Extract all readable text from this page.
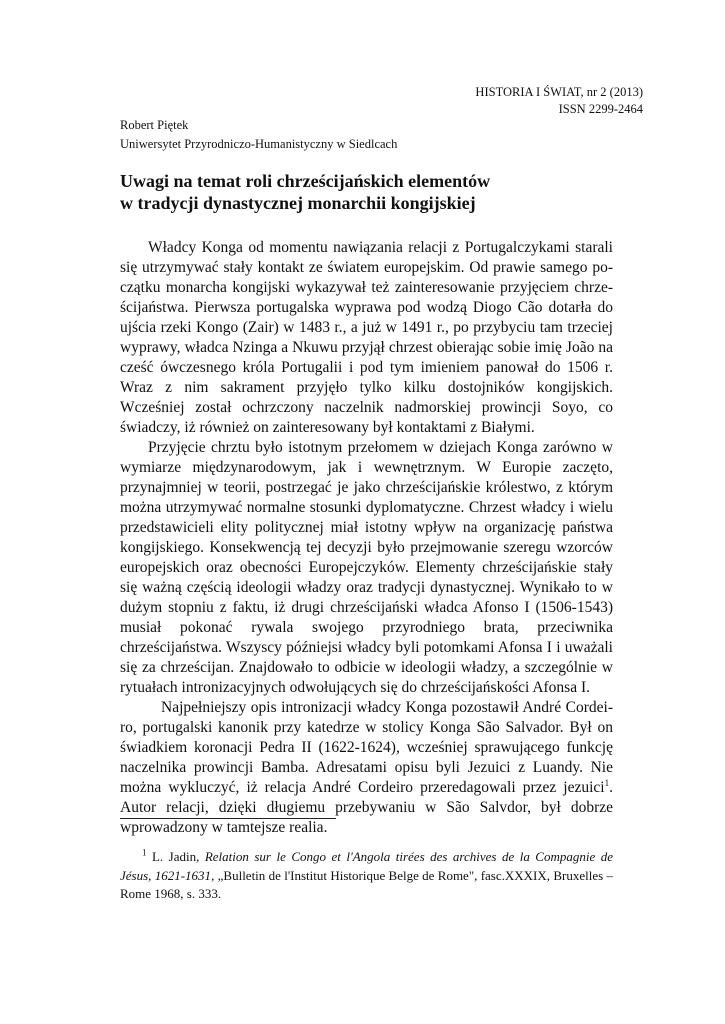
HISTORIA I ŚWIAT, nr 2 (2013)
ISSN 2299-2464
Robert Piętek
Uniwersytet Przyrodniczo-Humanistyczny w Siedlcach
Uwagi na temat roli chrześcijańskich elementów
w tradycji dynastycznej monarchii kongijskiej

Władcy Konga od momentu nawiązania relacji z Portugalczykami starali się utrzymywać stały kontakt ze światem europejskim. Od prawie samego początku monarcha kongijski wykazywał też zainteresowanie przyjęciem chrześcijaństwa. Pierwsza portugalska wyprawa pod wodzą Diogo Cão dotarła do ujścia rzeki Kongo (Zair) w 1483 r., a już w 1491 r., po przybyciu tam trzeciej wyprawy, władca Nzinga a Nkuwu przyjął chrzest obierając sobie imię João na cześć ówczesnego króla Portugalii i pod tym imieniem panował do 1506 r. Wraz z nim sakrament przyjęło tylko kilku dostojników kongijskich. Wcześniej został ochrzczony naczelnik nadmorskiej prowincji Soyo, co świadczy, iż również on zainteresowany był kontaktami z Białymi.

Przyjęcie chrztu było istotnym przełomem w dziejach Konga zarówno w wymiarze międzynarodowym, jak i wewnętrznym. W Europie zaczęto, przynajmniej w teorii, postrzegać je jako chrześcijańskie królestwo, z którym można utrzymywać normalne stosunki dyplomatyczne. Chrzest władcy i wielu przedstawicieli elity politycznej miał istotny wpływ na organizację państwa kongijskiego. Konsekwencją tej decyzji było przejmowanie szeregu wzorców europejskich oraz obecności Europejczyków. Elementy chrześcijańskie stały się ważną częścią ideologii władzy oraz tradycji dynastycznej. Wynikało to w dużym stopniu z faktu, iż drugi chrześcijański władca Afonso I (1506-1543) musiał pokonać rywala swojego przyrodniego brata, przeciwnika chrześcijaństwa. Wszyscy późniejsi władcy byli potomkami Afonsa I i uważali się za chrześcijan. Znajdowało to odbicie w ideologii władzy, a szczególnie w rytuałach intronizacyjnych odwołujących się do chrześcijańskości Afonsa I.

Najpełniejszy opis intronizacji władcy Konga pozostawił André Cordeiro, portugalski kanonik przy katedrze w stolicy Konga São Salvador. Był on świadkiem koronacji Pedra II (1622-1624), wcześniej sprawującego funkcję naczelnika prowincji Bamba. Adresatami opisu byli Jezuici z Luandy. Nie można wykluczyć, iż relacja André Cordeiro przeredagowali przez jezuici$^1$. Autor relacji, dzięki długiemu przebywaniu w São Salvdor, był dobrze wprowadzony w tamtejsze realia.

$^1$ L. Jadin, Relation sur le Congo et l'Angola tirées des archives de la Compagnie de Jésus, 1621-1631, „Bulletin de l'Institut Historique Belge de Rome", fasc.XXXIX, Bruxelles – Rome 1968, s. 333.
